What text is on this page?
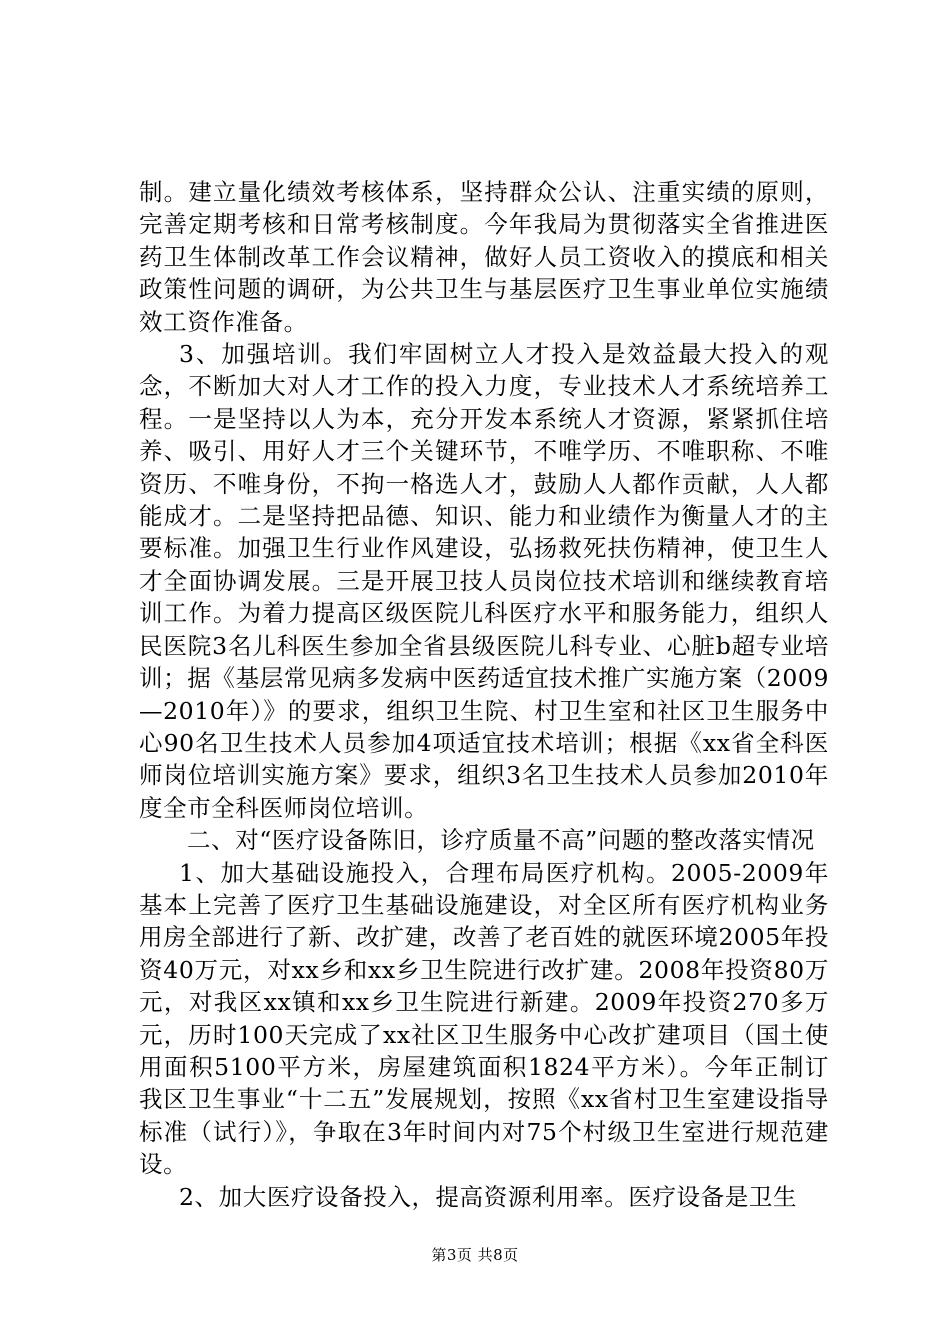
制。建立量化绩效考核体系，坚持群众公认、注重实绩的原则，完善定期考核和日常考核制度。今年我局为贯彻落实全省推进医药卫生体制改革工作会议精神，做好人员工资收入的摸底和相关政策性问题的调研，为公共卫生与基层医疗卫生事业单位实施绩效工资作准备。

3、加强培训。我们牢固树立人才投入是效益最大投入的观念，不断加大对人才工作的投入力度，专业技术人才系统培养工程。一是坚持以人为本，充分开发本系统人才资源，紧紧抓住培养、吸引、用好人才三个关键环节，不唯学历、不唯职称、不唯资历、不唯身份，不拘一格选人才，鼓励人人都作贡献，人人都能成才。二是坚持把品德、知识、能力和业绩作为衡量人才的主要标准。加强卫生行业作风建设，弘扬救死扶伤精神，使卫生人才全面协调发展。三是开展卫技人员岗位技术培训和继续教育培训工作。为着力提高区级医院儿科医疗水平和服务能力，组织人民医院3名儿科医生参加全省县级医院儿科专业、心脏b超专业培训；据《基层常见病多发病中医药适宜技术推广实施方案（2009—2010年）》的要求，组织卫生院、村卫生室和社区卫生服务中心90名卫生技术人员参加4项适宜技术培训；根据《xx省全科医师岗位培训实施方案》要求，组织3名卫生技术人员参加2010年度全市全科医师岗位培训。

二、对“医疗设备陈旧，诊疗质量不高”问题的整改落实情况

1、加大基础设施投入，合理布局医疗机构。2005-2009年基本上完善了医疗卫生基础设施建设，对全区所有医疗机构业务用房全部进行了新、改扩建，改善了老百姓的就医环境2005年投资40万元，对xx乡和xx乡卫生院进行改扩建。2008年投资80万元，对我区xx镇和xx乡卫生院进行新建。2009年投资270多万元，历时100天完成了xx社区卫生服务中心改扩建项目（国土使用面积5100平方米，房屋建筑面积1824平方米）。今年正制订我区卫生事业“十二五”发展规划，按照《xx省村卫生室建设指导标准（试行）》，争取在3年时间内对75个村级卫生室进行规范建设。

2、加大医疗设备投入，提高资源利用率。医疗设备是卫生

第3页 共8页
